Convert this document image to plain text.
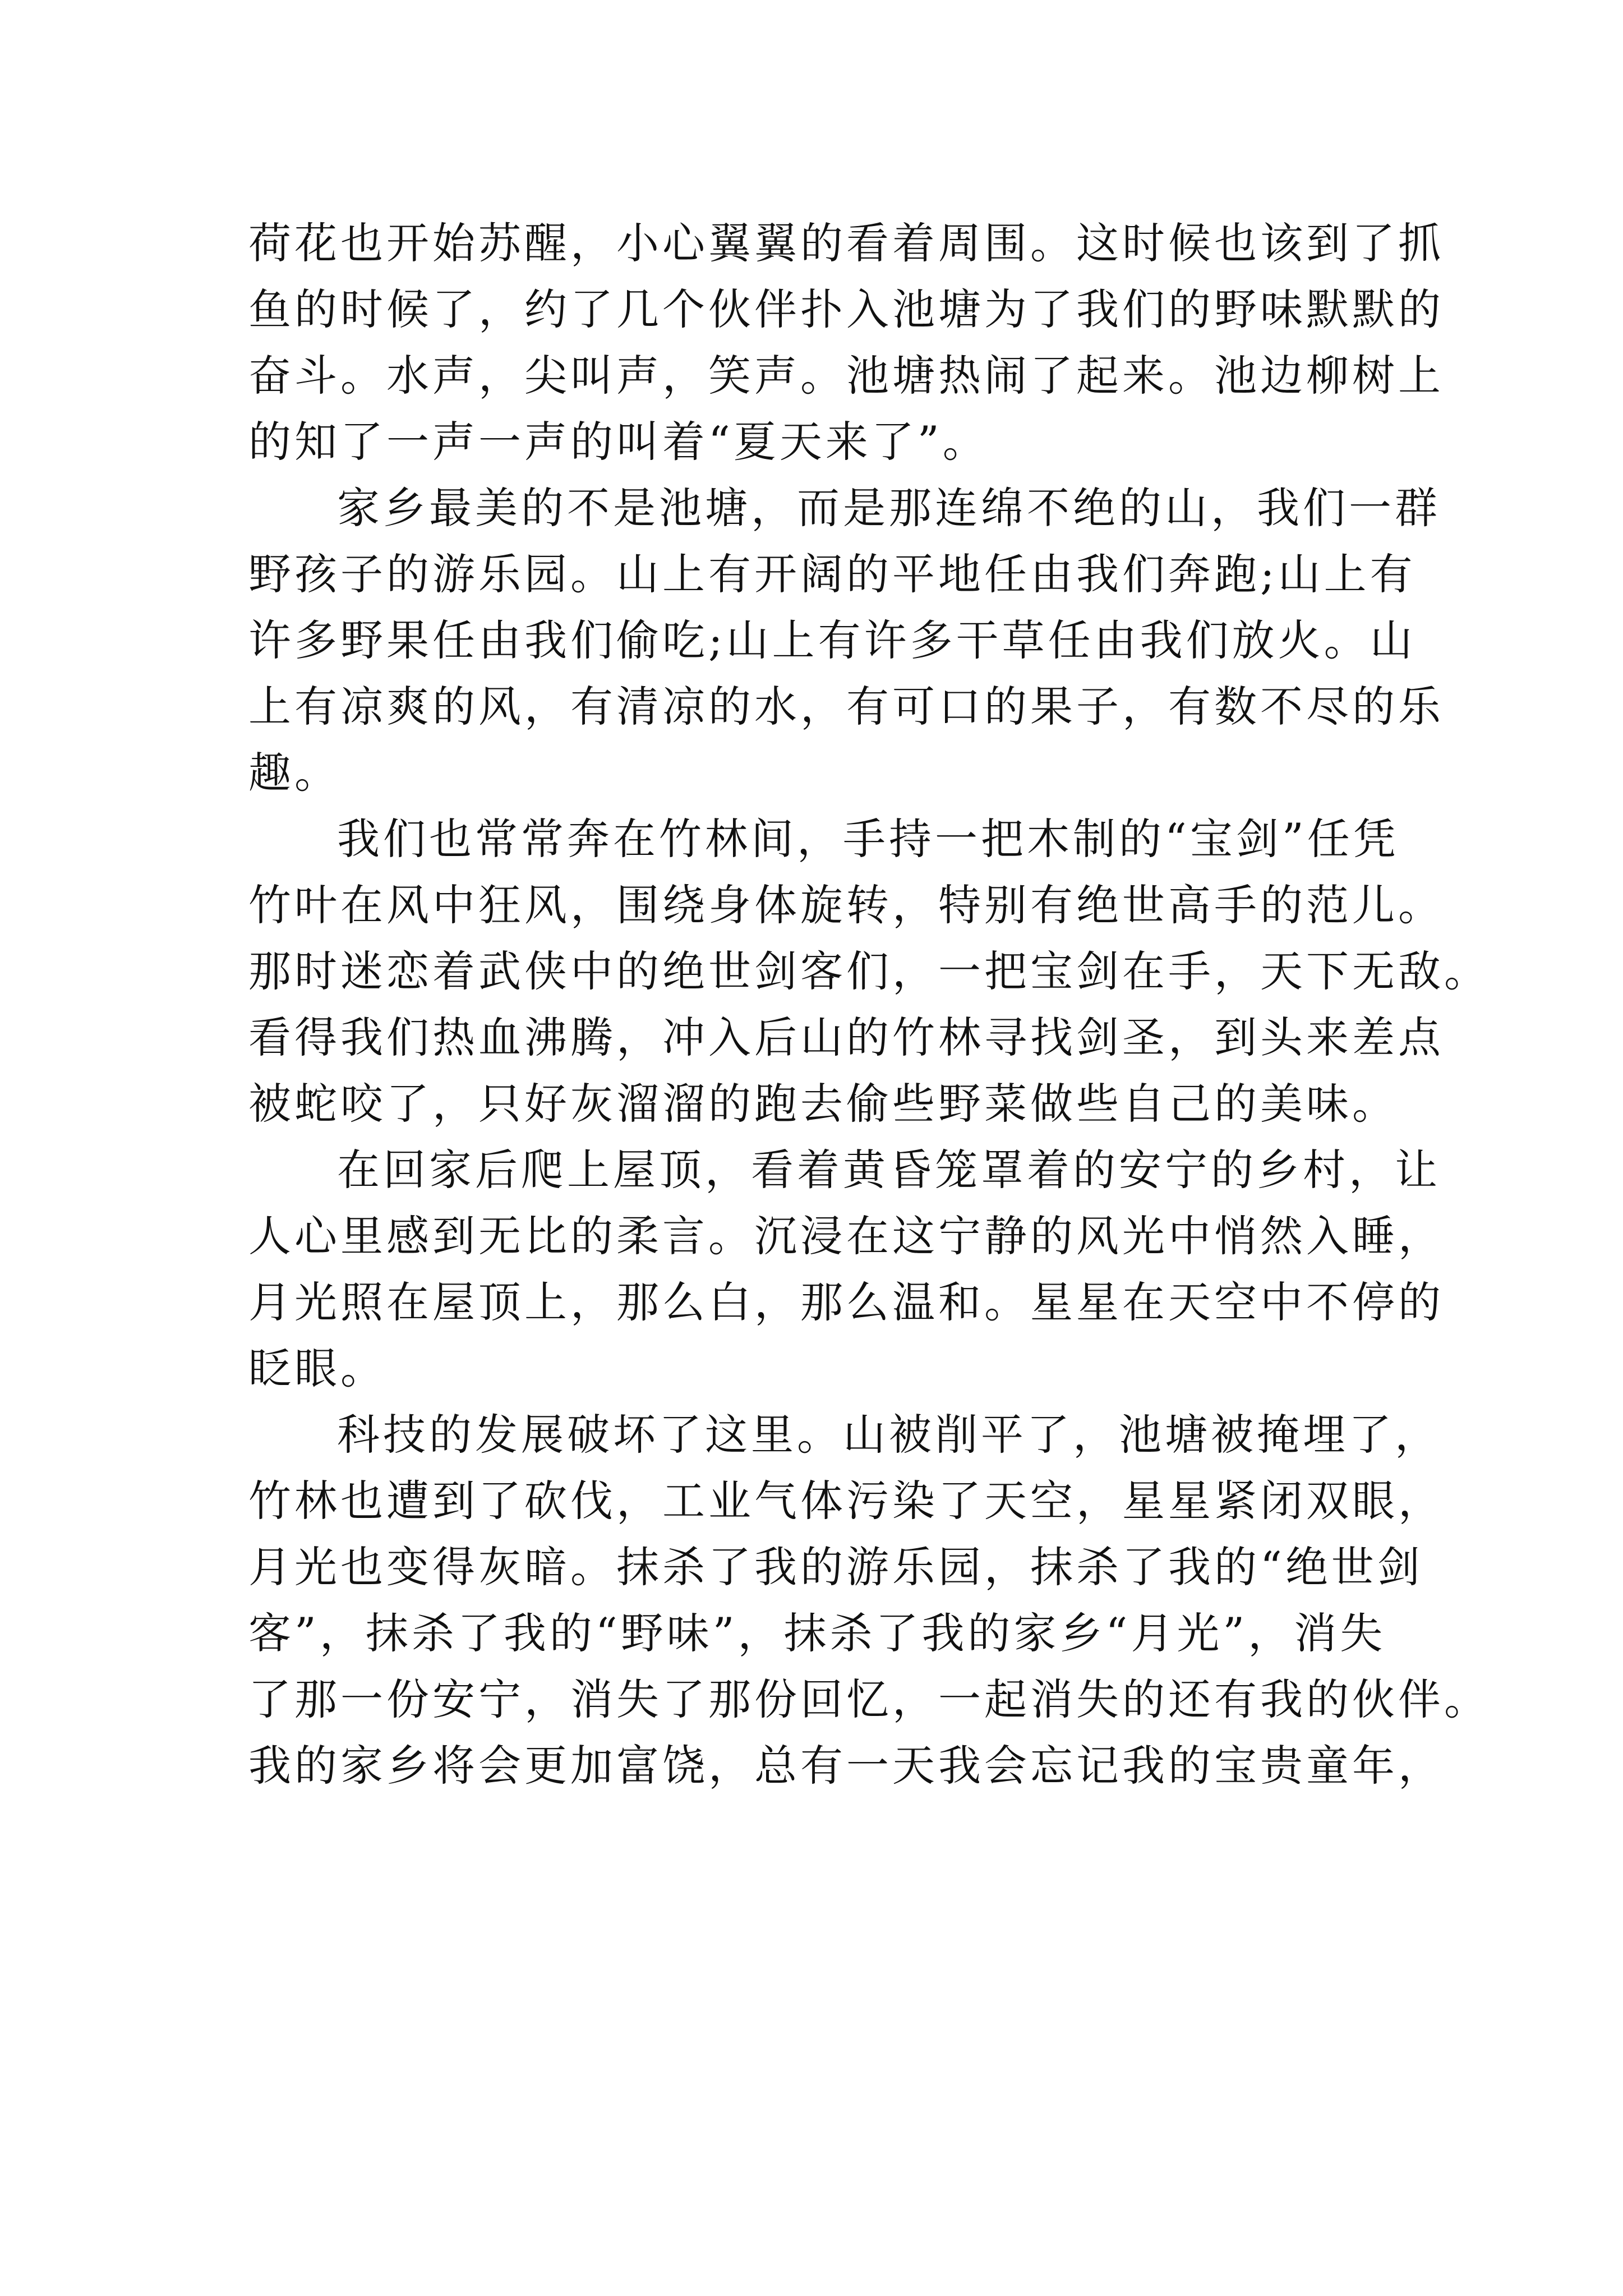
荷花也开始苏醒，小心翼翼的看着周围。这时候也该到了抓
鱼的时候了，约了几个伙伴扑入池塘为了我们的野味默默的
奋斗。水声，尖叫声，笑声。池塘热闹了起来。池边柳树上
的知了一声一声的叫着“夏天来了”。
家乡最美的不是池塘，而是那连绵不绝的山，我们一群
野孩子的游乐园。山上有开阔的平地任由我们奔跑;山上有
许多野果任由我们偷吃;山上有许多干草任由我们放火。山
上有凉爽的风，有清凉的水，有可口的果子，有数不尽的乐
趣。
我们也常常奔在竹林间，手持一把木制的“宝剑”任凭
竹叶在风中狂风，围绕身体旋转，特别有绝世高手的范儿。
那时迷恋着武侠中的绝世剑客们，一把宝剑在手，天下无敌。
看得我们热血沸腾，冲入后山的竹林寻找剑圣，到头来差点
被蛇咬了，只好灰溜溜的跑去偷些野菜做些自己的美味。
在回家后爬上屋顶，看着黄昏笼罩着的安宁的乡村，让
人心里感到无比的柔言。沉浸在这宁静的风光中悄然入睡，
月光照在屋顶上，那么白，那么温和。星星在天空中不停的
眨眼。
科技的发展破坏了这里。山被削平了，池塘被掩埋了，
竹林也遭到了砍伐，工业气体污染了天空，星星紧闭双眼，
月光也变得灰暗。抹杀了我的游乐园，抹杀了我的“绝世剑
客”，抹杀了我的“野味”，抹杀了我的家乡“月光”，消失
了那一份安宁，消失了那份回忆，一起消失的还有我的伙伴。
我的家乡将会更加富饶，总有一天我会忘记我的宝贵童年，
